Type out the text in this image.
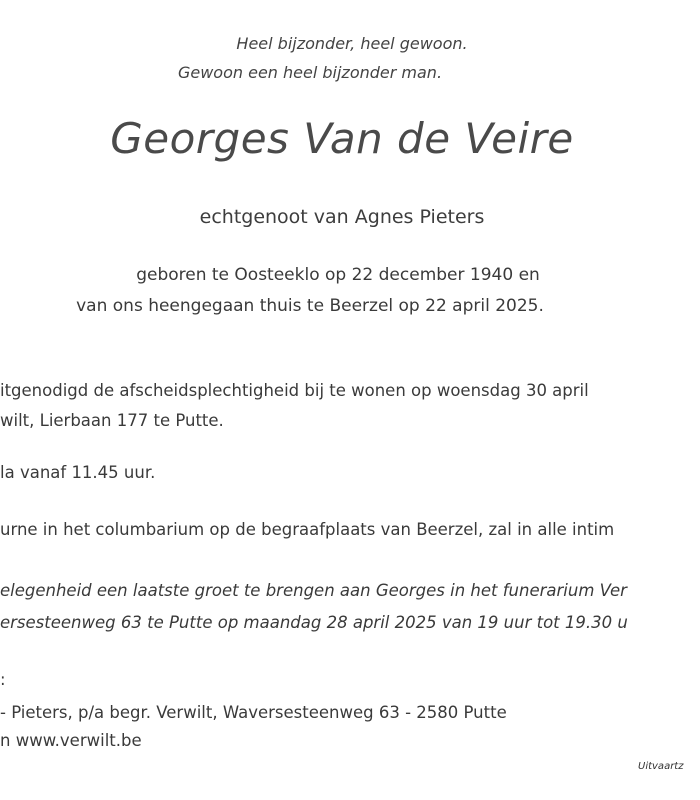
Heel bijzonder, heel gewoon.

Gewoon een heel bijzonder man.

Georges Van de Veire

echtgenoot van Agnes Pieters

geboren te Oosteeklo op 22 december 1940 en

van ons heengegaan thuis te Beerzel op 22 april 2025.

itgenodigd de afscheidsplechtigheid bij te wonen op woensdag 30 april

wilt, Lierbaan 177 te Putte.

la vanaf 11.45 uur.

urne in het columbarium op de begraafplaats van Beerzel, zal in alle intim

elegenheid een laatste groet te brengen aan Georges in het funerarium Ver

ersesteenweg 63 te Putte op maandag 28 april 2025 van 19 uur tot 19.30 u

:

- Pieters, p/a begr. Verwilt, Waversesteenweg 63 - 2580 Putte

n www.verwilt.be

Uitvaartz
